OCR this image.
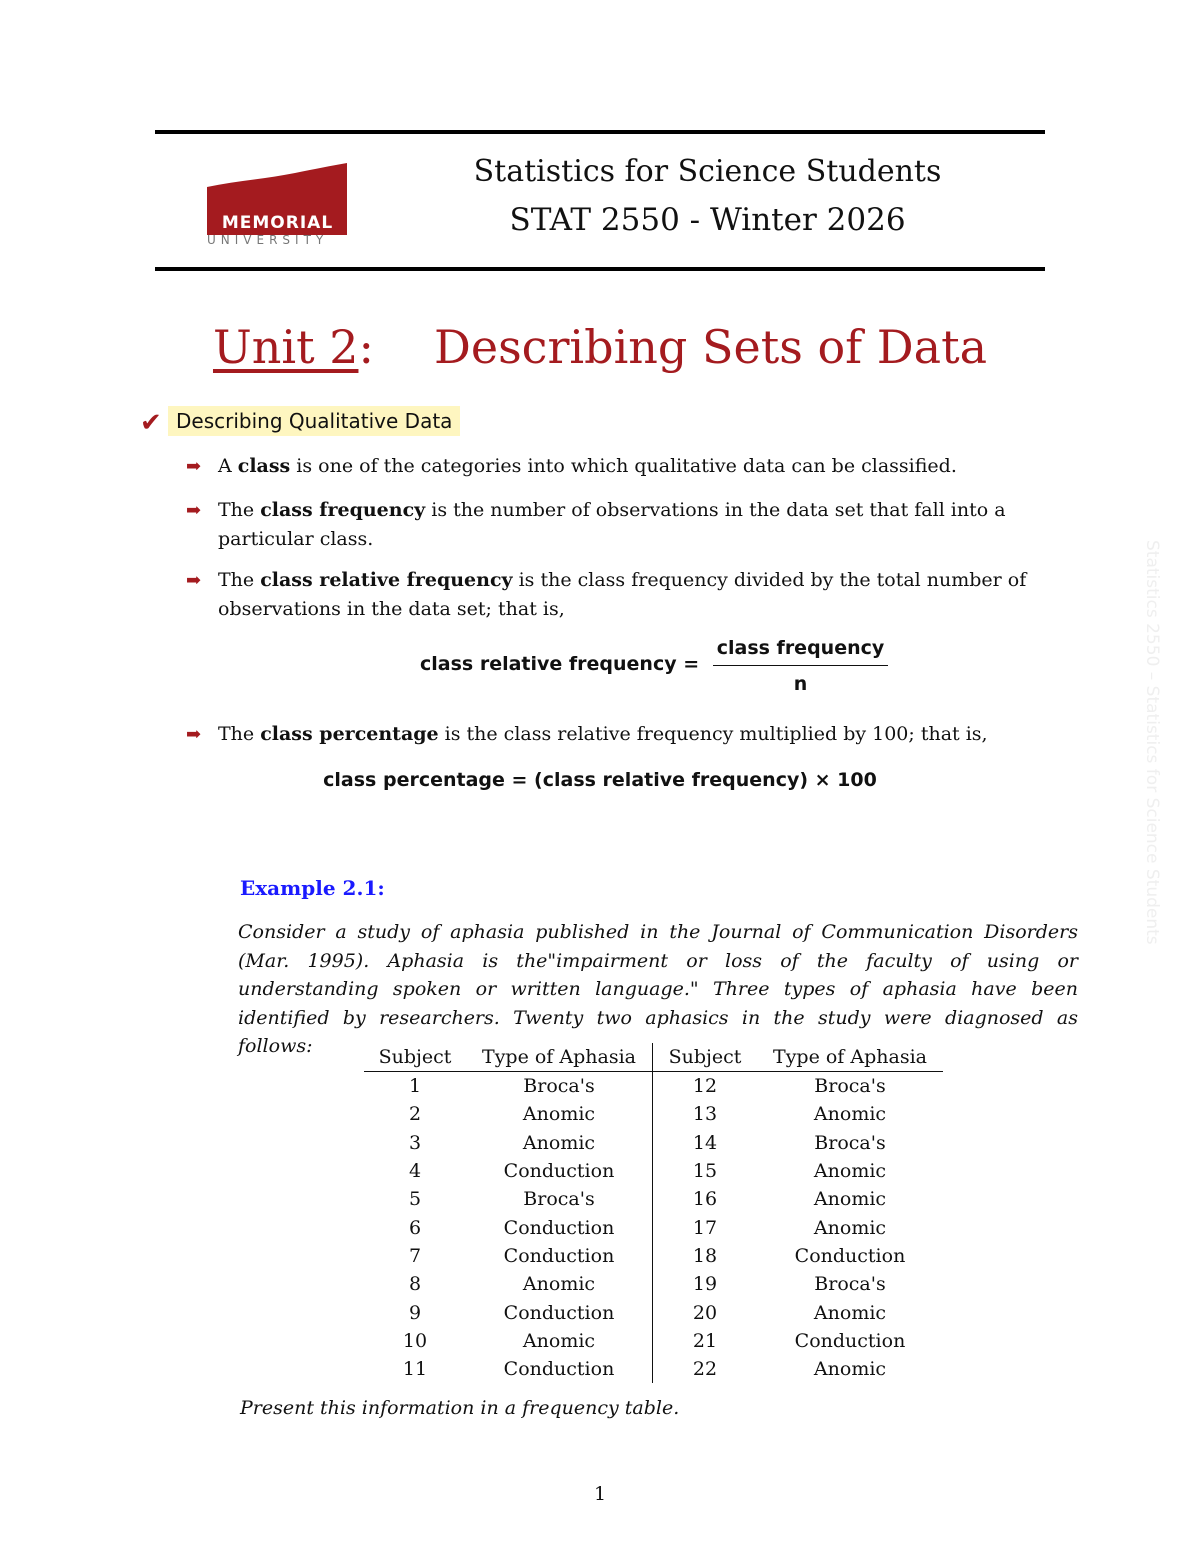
MEMORIAL
UNIVERSITY
Statistics for Science Students
STAT 2550 - Winter 2026
Unit 2: Describing Sets of Data
✔ Describing Qualitative Data
➡ A class is one of the categories into which qualitative data can be classified.
➡ The class frequency is the number of observations in the data set that fall into a particular class.
➡ The class relative frequency is the class frequency divided by the total number of observations in the data set; that is,
class relative frequency =
class frequency
n
➡ The class percentage is the class relative frequency multiplied by 100; that is,
class percentage = (class relative frequency) × 100
Example 2.1:
Consider a study of aphasia published in the Journal of Communication Disorders (Mar. 1995). Aphasia is the"impairment or loss of the faculty of using or understanding spoken or written language." Three types of aphasia have been identified by researchers. Twenty two aphasics in the study were diagnosed as follows:	Subject	Type of Aphasia	Subject	Type of Aphasia
1	Broca's	12	Broca's
2	Anomic	13	Anomic
3	Anomic	14	Broca's
4	Conduction	15	Anomic
5	Broca's	16	Anomic
6	Conduction	17	Anomic
7	Conduction	18	Conduction
8	Anomic	19	Broca's
9	Conduction	20	Anomic
10	Anomic	21	Conduction
11	Conduction	22	Anomic
Present this information in a frequency table.
1
Statistics 2550 – Statistics for Science Students
